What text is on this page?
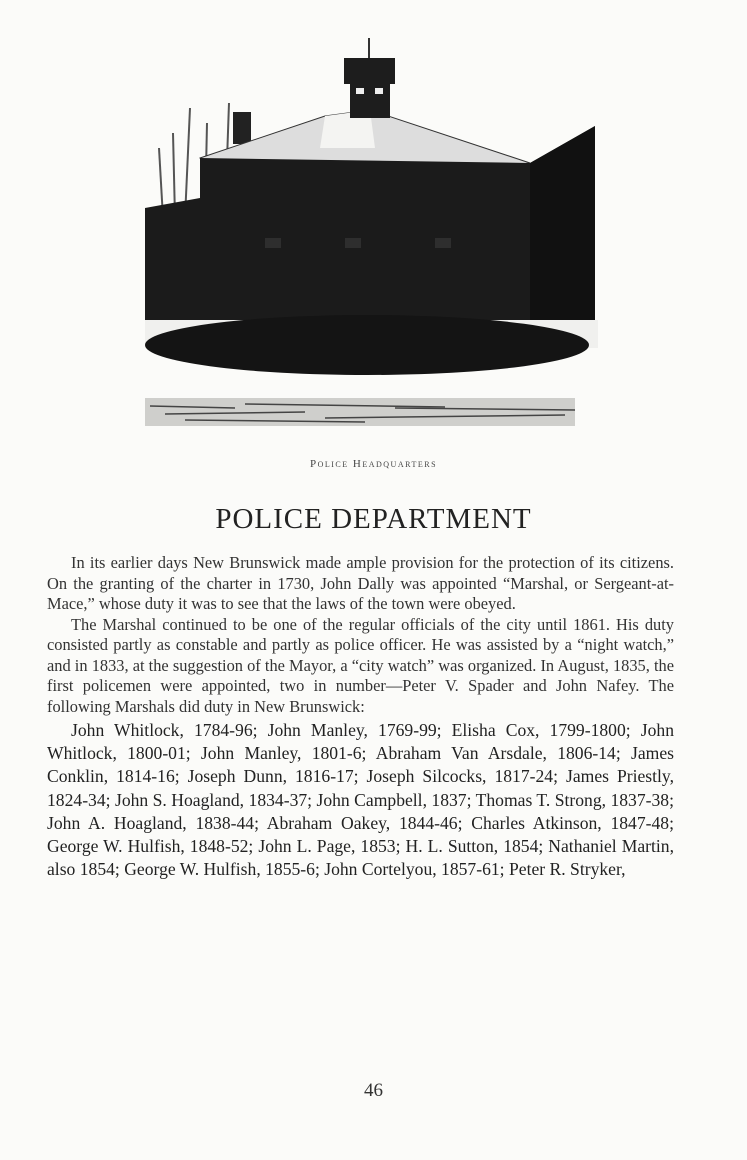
Police Headquarters
POLICE DEPARTMENT

In its earlier days New Brunswick made ample provision for the protection of its citizens. On the granting of the charter in 1730, John Dally was appointed “Marshal, or Sergeant-at-Mace,” whose duty it was to see that the laws of the town were obeyed.

The Marshal continued to be one of the regular officials of the city until 1861. His duty consisted partly as constable and partly as police officer. He was assisted by a “night watch,” and in 1833, at the suggestion of the Mayor, a “city watch” was organized. In August, 1835, the first policemen were appointed, two in number—Peter V. Spader and John Nafey. The following Marshals did duty in New Brunswick:

John Whitlock, 1784-96; John Manley, 1769-99; Elisha Cox, 1799-1800; John Whitlock, 1800-01; John Manley, 1801-6; Abraham Van Arsdale, 1806-14; James Conklin, 1814-16; Joseph Dunn, 1816-17; Joseph Silcocks, 1817-24; James Priestly, 1824-34; John S. Hoagland, 1834-37; John Campbell, 1837; Thomas T. Strong, 1837-38; John A. Hoagland, 1838-44; Abraham Oakey, 1844-46; Charles Atkinson, 1847-48; George W. Hulfish, 1848-52; John L. Page, 1853; H. L. Sutton, 1854; Nathaniel Martin, also 1854; George W. Hulfish, 1855-6; John Cortelyou, 1857-61; Peter R. Stryker,

46
